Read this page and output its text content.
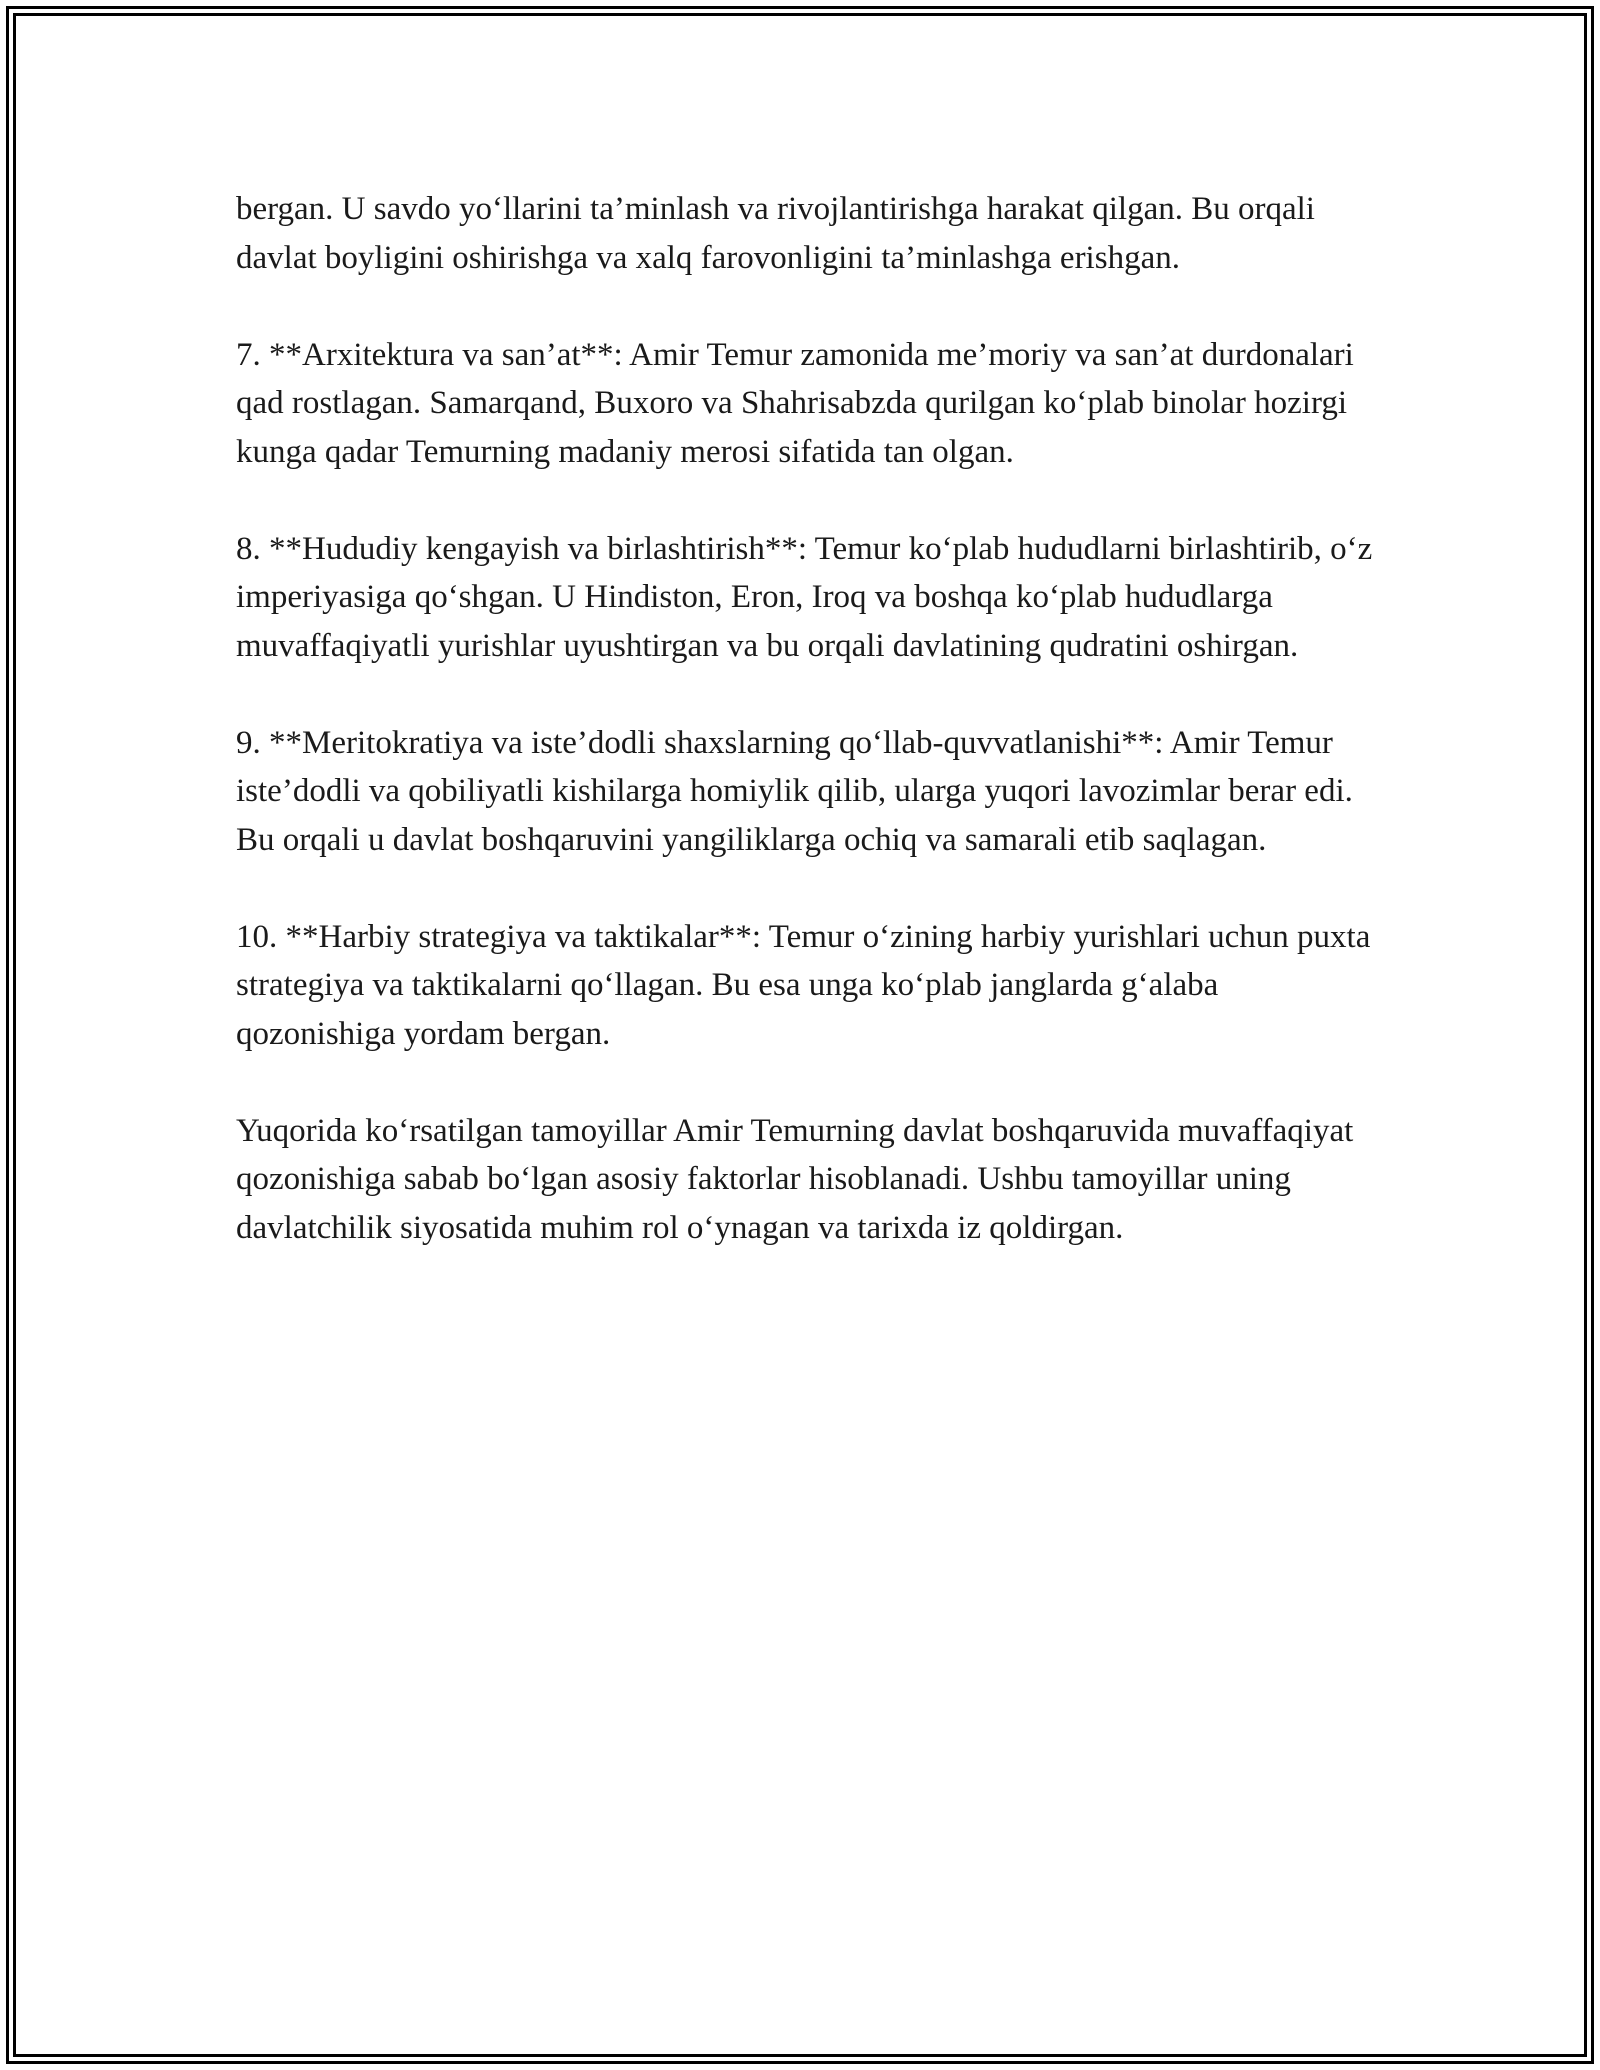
bergan. U savdo yo‘llarini ta’minlash va rivojlantirishga harakat qilgan. Bu orqali davlat boyligini oshirishga va xalq farovonligini ta’minlashga erishgan.

7. **Arxitektura va san’at**: Amir Temur zamonida me’moriy va san’at durdonalari qad rostlagan. Samarqand, Buxoro va Shahrisabzda qurilgan ko‘plab binolar hozirgi kunga qadar Temurning madaniy merosi sifatida tan olgan.

8. **Hududiy kengayish va birlashtirish**: Temur ko‘plab hududlarni birlashtirib, o‘z imperiyasiga qo‘shgan. U Hindiston, Eron, Iroq va boshqa ko‘plab hududlarga muvaffaqiyatli yurishlar uyushtirgan va bu orqali davlatining qudratini oshirgan.

9. **Meritokratiya va iste’dodli shaxslarning qo‘llab-quvvatlanishi**: Amir Temur iste’dodli va qobiliyatli kishilarga homiylik qilib, ularga yuqori lavozimlar berar edi. Bu orqali u davlat boshqaruvini yangiliklarga ochiq va samarali etib saqlagan.

10. **Harbiy strategiya va taktikalar**: Temur o‘zining harbiy yurishlari uchun puxta strategiya va taktikalarni qo‘llagan. Bu esa unga ko‘plab janglarda g‘alaba qozonishiga yordam bergan.

Yuqorida ko‘rsatilgan tamoyillar Amir Temurning davlat boshqaruvida muvaffaqiyat qozonishiga sabab bo‘lgan asosiy faktorlar hisoblanadi. Ushbu tamoyillar uning davlatchilik siyosatida muhim rol o‘ynagan va tarixda iz qoldirgan.
